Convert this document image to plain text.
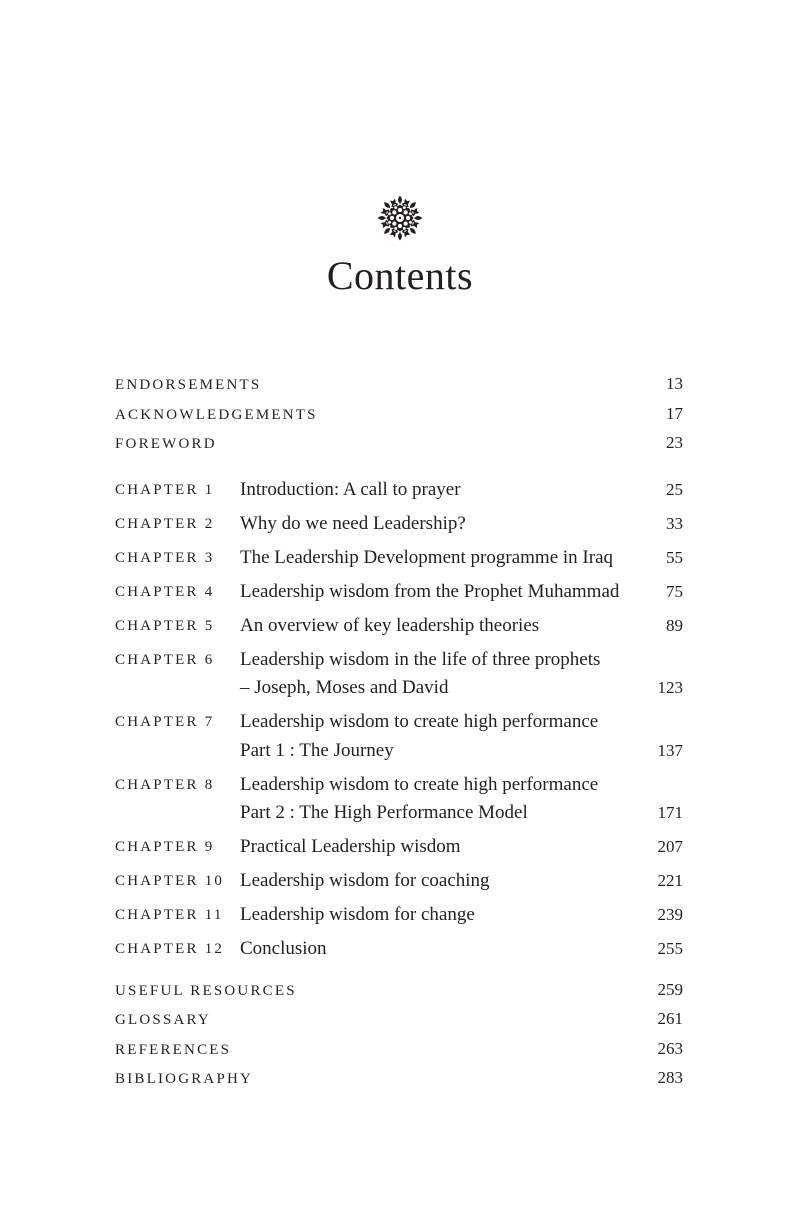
Contents
ENDORSEMENTS	13
ACKNOWLEDGEMENTS	17
FOREWORD	23
CHAPTER 1	Introduction: A call to prayer	25
CHAPTER 2	Why do we need Leadership?	33
CHAPTER 3	The Leadership Development programme in Iraq	55
CHAPTER 4	Leadership wisdom from the Prophet Muhammad	75
CHAPTER 5	An overview of key leadership theories	89
CHAPTER 6	Leadership wisdom in the life of three prophets
– Joseph, Moses and David	123
CHAPTER 7	Leadership wisdom to create high performance
Part 1 : The Journey	137
CHAPTER 8	Leadership wisdom to create high performance
Part 2 : The High Performance Model	171
CHAPTER 9	Practical Leadership wisdom	207
CHAPTER 10 Leadership wisdom for coaching	221
CHAPTER 11 Leadership wisdom for change	239
CHAPTER 12 Conclusion	255
USEFUL RESOURCES	259
GLOSSARY	261
REFERENCES	263
BIBLIOGRAPHY	283
